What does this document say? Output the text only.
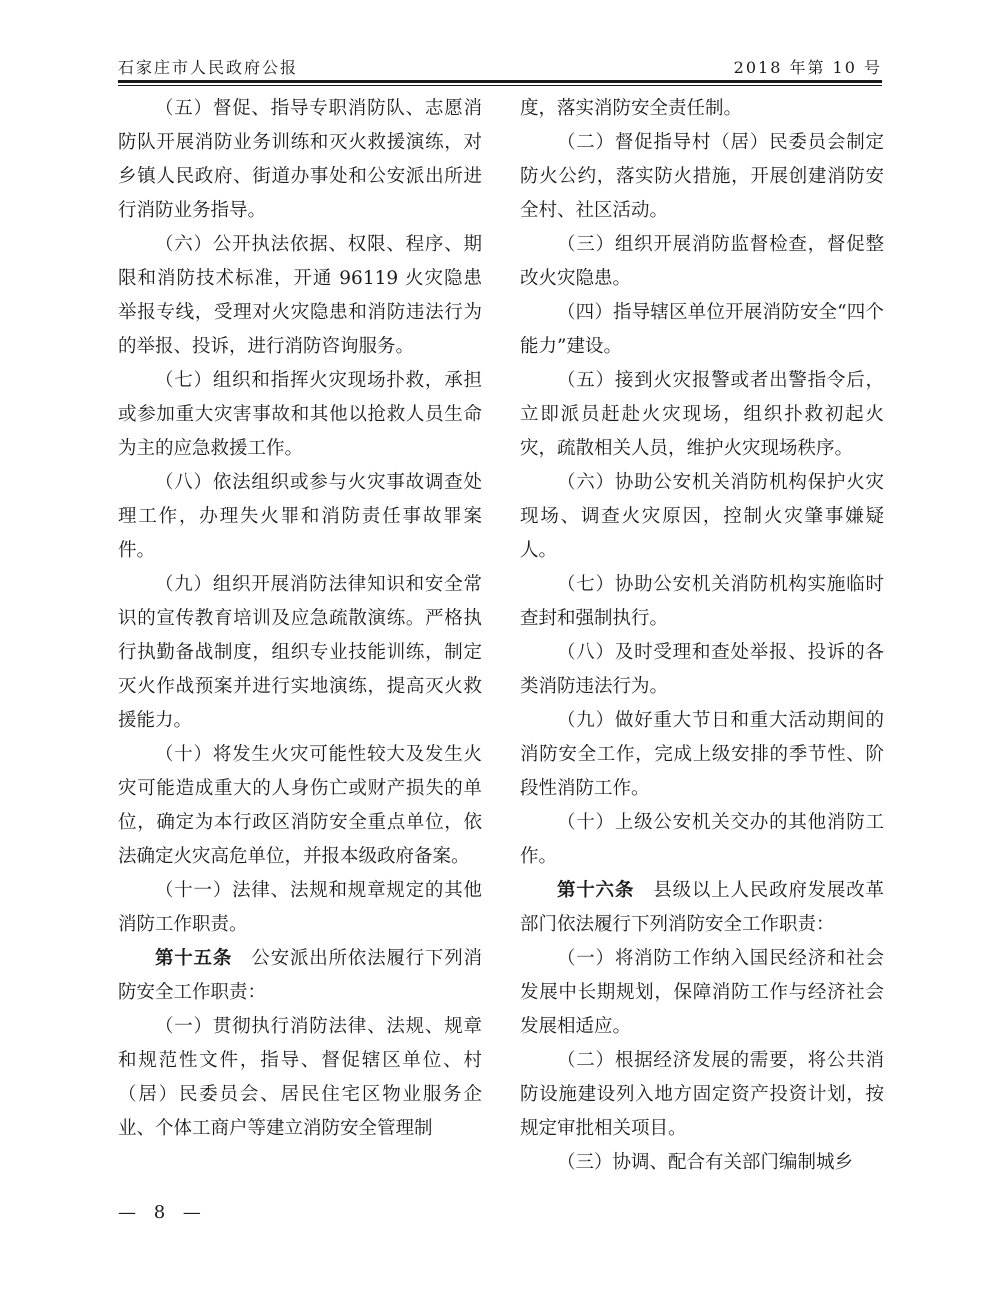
石家庄市人民政府公报	2018 年第 10 号

（五）督促、指导专职消防队、志愿消防队开展消防业务训练和灭火救援演练，对乡镇人民政府、街道办事处和公安派出所进行消防业务指导。

（六）公开执法依据、权限、程序、期限和消防技术标准，开通 96119 火灾隐患举报专线，受理对火灾隐患和消防违法行为的举报、投诉，进行消防咨询服务。

（七）组织和指挥火灾现场扑救，承担或参加重大灾害事故和其他以抢救人员生命为主的应急救援工作。

（八）依法组织或参与火灾事故调查处理工作，办理失火罪和消防责任事故罪案件。

（九）组织开展消防法律知识和安全常识的宣传教育培训及应急疏散演练。严格执行执勤备战制度，组织专业技能训练，制定灭火作战预案并进行实地演练，提高灭火救援能力。

（十）将发生火灾可能性较大及发生火灾可能造成重大的人身伤亡或财产损失的单位，确定为本行政区消防安全重点单位，依法确定火灾高危单位，并报本级政府备案。

（十一）法律、法规和规章规定的其他消防工作职责。

第十五条 公安派出所依法履行下列消防安全工作职责：

（一）贯彻执行消防法律、法规、规章和规范性文件，指导、督促辖区单位、村（居）民委员会、居民住宅区物业服务企业、个体工商户等建立消防安全管理制

度，落实消防安全责任制。

（二）督促指导村（居）民委员会制定防火公约，落实防火措施，开展创建消防安全村、社区活动。

（三）组织开展消防监督检查，督促整改火灾隐患。

（四）指导辖区单位开展消防安全“四个能力”建设。

（五）接到火灾报警或者出警指令后，立即派员赶赴火灾现场，组织扑救初起火灾，疏散相关人员，维护火灾现场秩序。

（六）协助公安机关消防机构保护火灾现场、调查火灾原因，控制火灾肇事嫌疑人。

（七）协助公安机关消防机构实施临时查封和强制执行。

（八）及时受理和查处举报、投诉的各类消防违法行为。

（九）做好重大节日和重大活动期间的消防安全工作，完成上级安排的季节性、阶段性消防工作。

（十）上级公安机关交办的其他消防工作。

第十六条 县级以上人民政府发展改革部门依法履行下列消防安全工作职责：

（一）将消防工作纳入国民经济和社会发展中长期规划，保障消防工作与经济社会发展相适应。

（二）根据经济发展的需要，将公共消防设施建设列入地方固定资产投资计划，按规定审批相关项目。

（三）协调、配合有关部门编制城乡

— 8 —
